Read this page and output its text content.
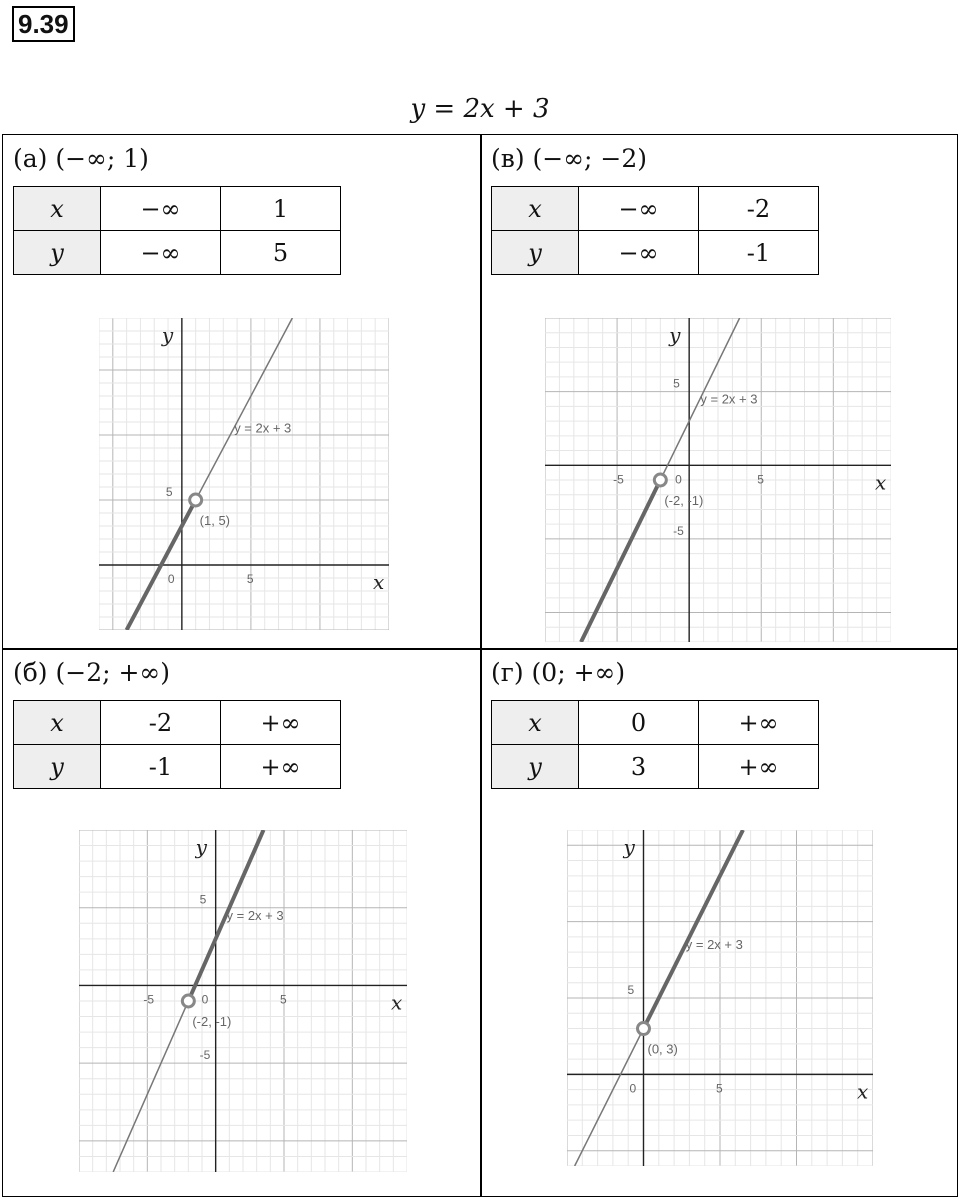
9.39
y = 2x + 3
(а) (−∞; 1)
x	−∞	1
y	−∞	5
0	5
5
x
y
y = 2x + 3
(1, 5)
(в) (−∞; −2)
x	−∞	-2
y	−∞	-1
-5	0	5
5
-5
x
y
y = 2x + 3
(-2, -1)
(б) (−2; +∞)
x	-2	+∞
y	-1	+∞
-5	0	5
5
-5
x
y
y = 2x + 3
(-2, -1)
(г) (0; +∞)
x	0	+∞
y	3	+∞
0	5
5
x
y
y = 2x + 3
(0, 3)
